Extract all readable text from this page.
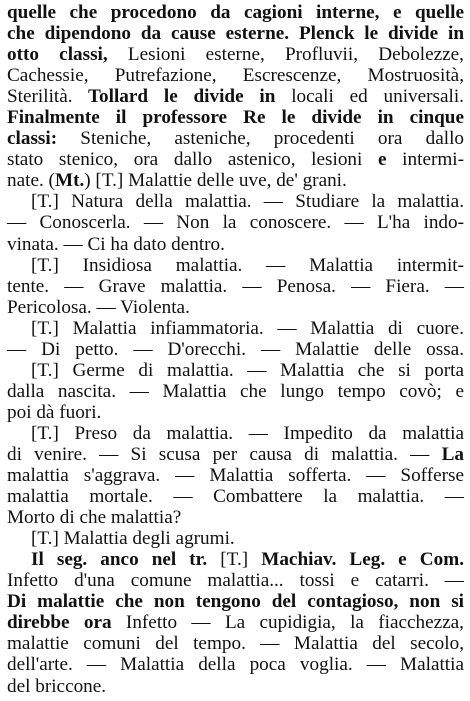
quelle che procedono da cagioni interne, e quelle
che dipendono da cause esterne. Plenck le divide in
otto classi, Lesioni esterne, Profluvii, Debolezze,
Cachessie, Putrefazione, Escrescenze, Mostruosità,
Sterilità. Tollard le divide in locali ed universali.
Finalmente il professore Re le divide in cinque
classi: Steniche, asteniche, procedenti ora dallo
stato stenico, ora dallo astenico, lesioni e intermi-
nate. (Mt.) [T.] Malattie delle uve, de' grani.
[T.] Natura della malattia. — Studiare la malattia.
— Conoscerla. — Non la conoscere. — L'ha indo-
vinata. — Ci ha dato dentro.
[T.] Insidiosa malattia. — Malattia intermit-
tente. — Grave malattia. — Penosa. — Fiera. —
Pericolosa. — Violenta.
[T.] Malattia infiammatoria. — Malattia di cuore.
— Di petto. — D'orecchi. — Malattie delle ossa.
[T.] Germe di malattia. — Malattia che si porta
dalla nascita. — Malattia che lungo tempo covò; e
poi dà fuori.
[T.] Preso da malattia. — Impedito da malattia
di venire. — Si scusa per causa di malattia. — La
malattia s'aggrava. — Malattia sofferta. — Sofferse
malattia mortale. — Combattere la malattia. —
Morto di che malattia?
[T.] Malattia degli agrumi.
Il seg. anco nel tr. [T.] Machiav. Leg. e Com.
Infetto d'una comune malattia... tossi e catarri. —
Di malattie che non tengono del contagioso, non si
direbbe ora Infetto — La cupidigia, la fiacchezza,
malattie comuni del tempo. — Malattia del secolo,
dell'arte. — Malattia della poca voglia. — Malattia
del briccone.
